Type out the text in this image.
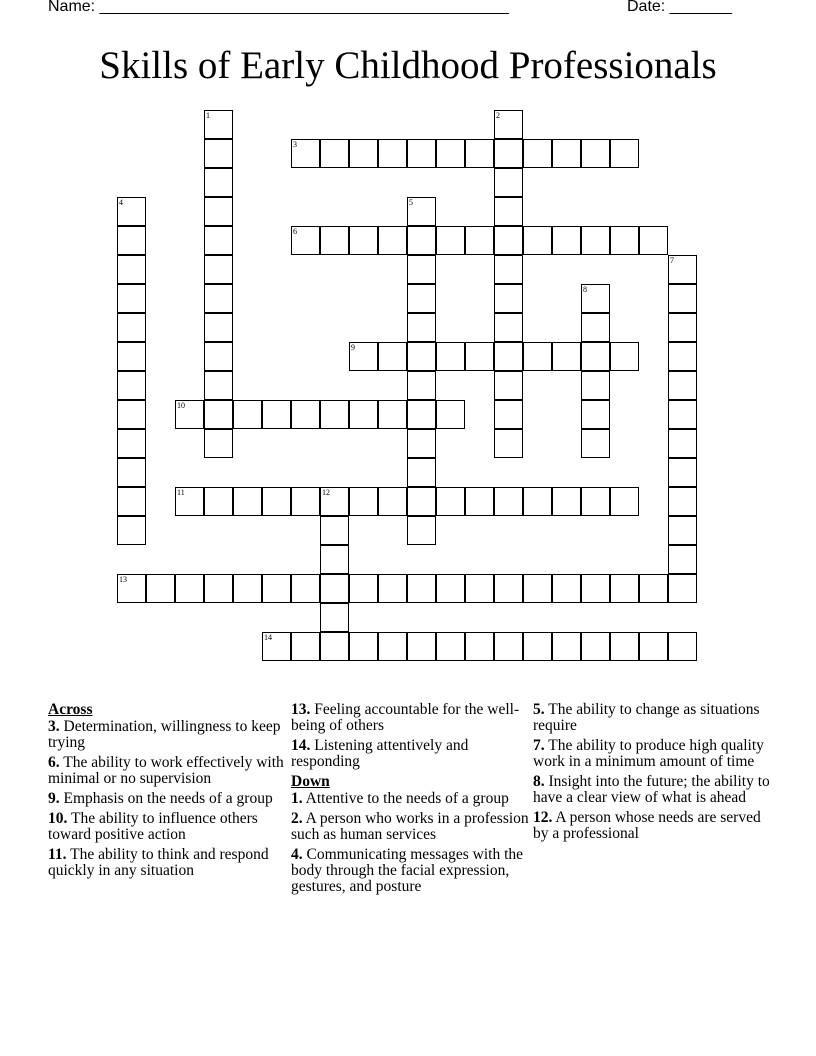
Name: ______________________________________________	Date: _______
Skills of Early Childhood Professionals
1	2
3
4	5
6
7
8
9
10
11	12
13
14
Across
3. Determination, willingness to keep trying
6. The ability to work effectively with minimal or no supervision
9. Emphasis on the needs of a group
10. The ability to influence others toward positive action
11. The ability to think and respond quickly in any situation
13. Feeling accountable for the well-being of others
14. Listening attentively and responding
Down
1. Attentive to the needs of a group
2. A person who works in a profession such as human services
4. Communicating messages with the body through the facial expression, gestures, and posture
5. The ability to change as situations require
7. The ability to produce high quality work in a minimum amount of time
8. Insight into the future; the ability to have a clear view of what is ahead
12. A person whose needs are served by a professional
